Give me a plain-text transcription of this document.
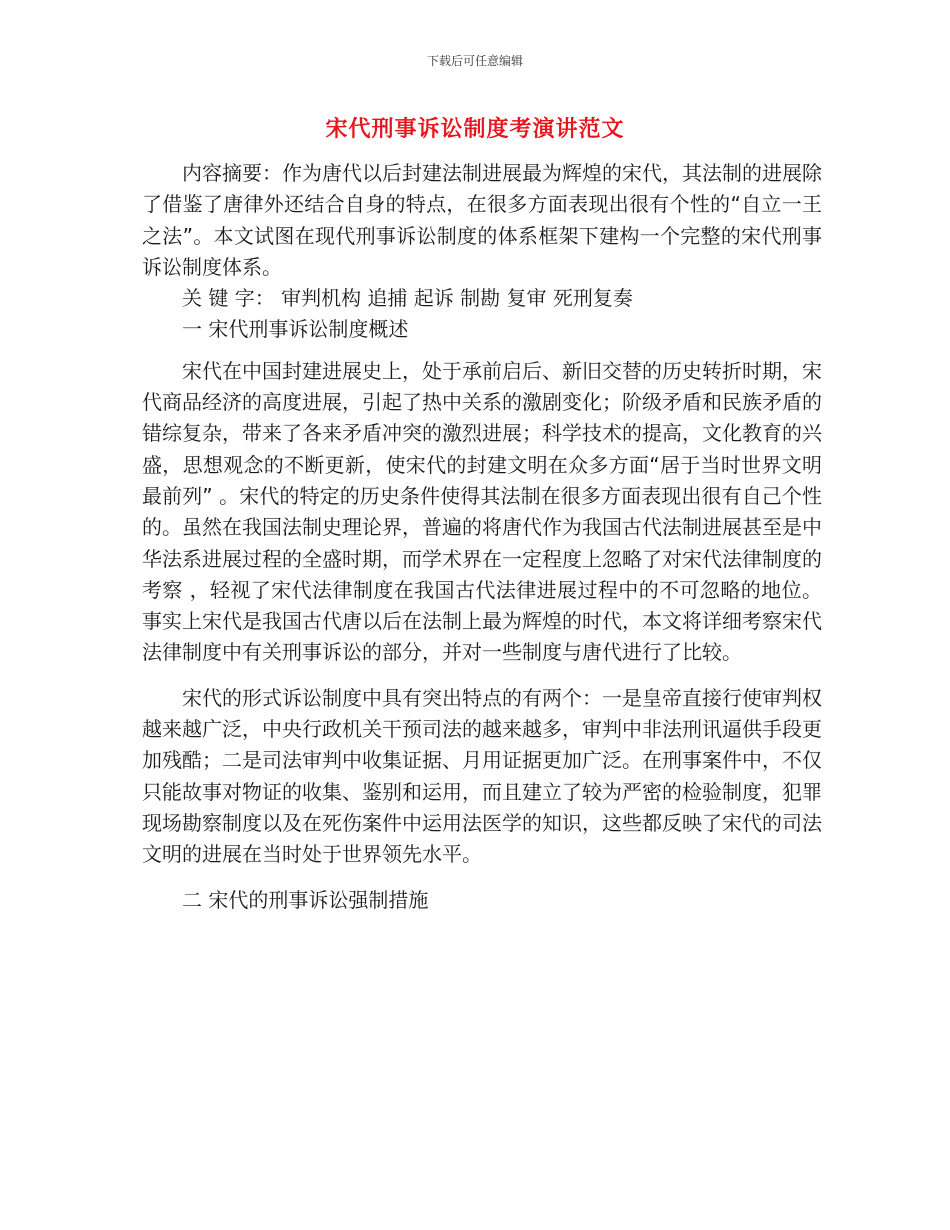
下载后可任意编辑
宋代刑事诉讼制度考演讲范文

内容摘要：作为唐代以后封建法制进展最为辉煌的宋代，其法制的进展除了借鉴了唐律外还结合自身的特点，在很多方面表现出很有个性的“自立一王之法”。本文试图在现代刑事诉讼制度的体系框架下建构一个完整的宋代刑事诉讼制度体系。

关 键 字： 审判机构 追捕 起诉 制勘 复审 死刑复奏

一 宋代刑事诉讼制度概述

宋代在中国封建进展史上，处于承前启后、新旧交替的历史转折时期，宋代商品经济的高度进展，引起了热中关系的激剧变化；阶级矛盾和民族矛盾的错综复杂，带来了各来矛盾冲突的激烈进展；科学技术的提高，文化教育的兴盛，思想观念的不断更新，使宋代的封建文明在众多方面“居于当时世界文明最前列” 。宋代的特定的历史条件使得其法制在很多方面表现出很有自己个性的。虽然在我国法制史理论界，普遍的将唐代作为我国古代法制进展甚至是中华法系进展过程的全盛时期，而学术界在一定程度上忽略了对宋代法律制度的考察 ，轻视了宋代法律制度在我国古代法律进展过程中的不可忽略的地位。事实上宋代是我国古代唐以后在法制上最为辉煌的时代，本文将详细考察宋代 法律制度中有关刑事诉讼的部分，并对一些制度与唐代进行了比较。

宋代的形式诉讼制度中具有突出特点的有两个：一是皇帝直接行使审判权越来越广泛，中央行政机关干预司法的越来越多，审判中非法刑讯逼供手段更加残酷；二是司法审判中收集证据、月用证据更加广泛。在刑事案件中，不仅只能故事对物证的收集、鉴别和运用，而且建立了较为严密的检验制度，犯罪现场勘察制度以及在死伤案件中运用法医学的知识，这些都反映了宋代的司法文明的进展在当时处于世界领先水平。

二 宋代的刑事诉讼强制措施
